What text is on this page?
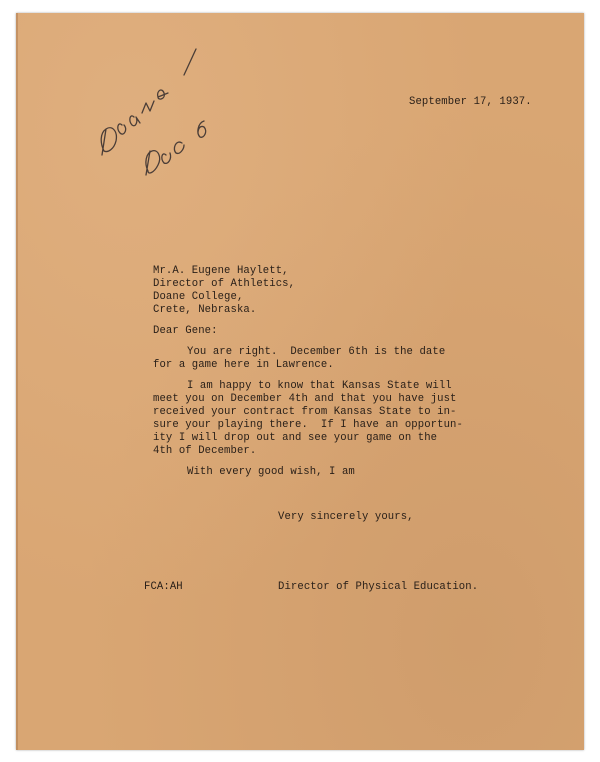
September 17, 1937.
Mr.A. Eugene Haylett,
Director of Athletics,
Doane College,
Crete, Nebraska.
Dear Gene:
You are right.  December 6th is the date
for a game here in Lawrence.
I am happy to know that Kansas State will
meet you on December 4th and that you have just
received your contract from Kansas State to in-
sure your playing there.  If I have an opportun-
ity I will drop out and see your game on the
4th of December.
With every good wish, I am
Very sincerely yours,
FCA:AH	Director of Physical Education.
